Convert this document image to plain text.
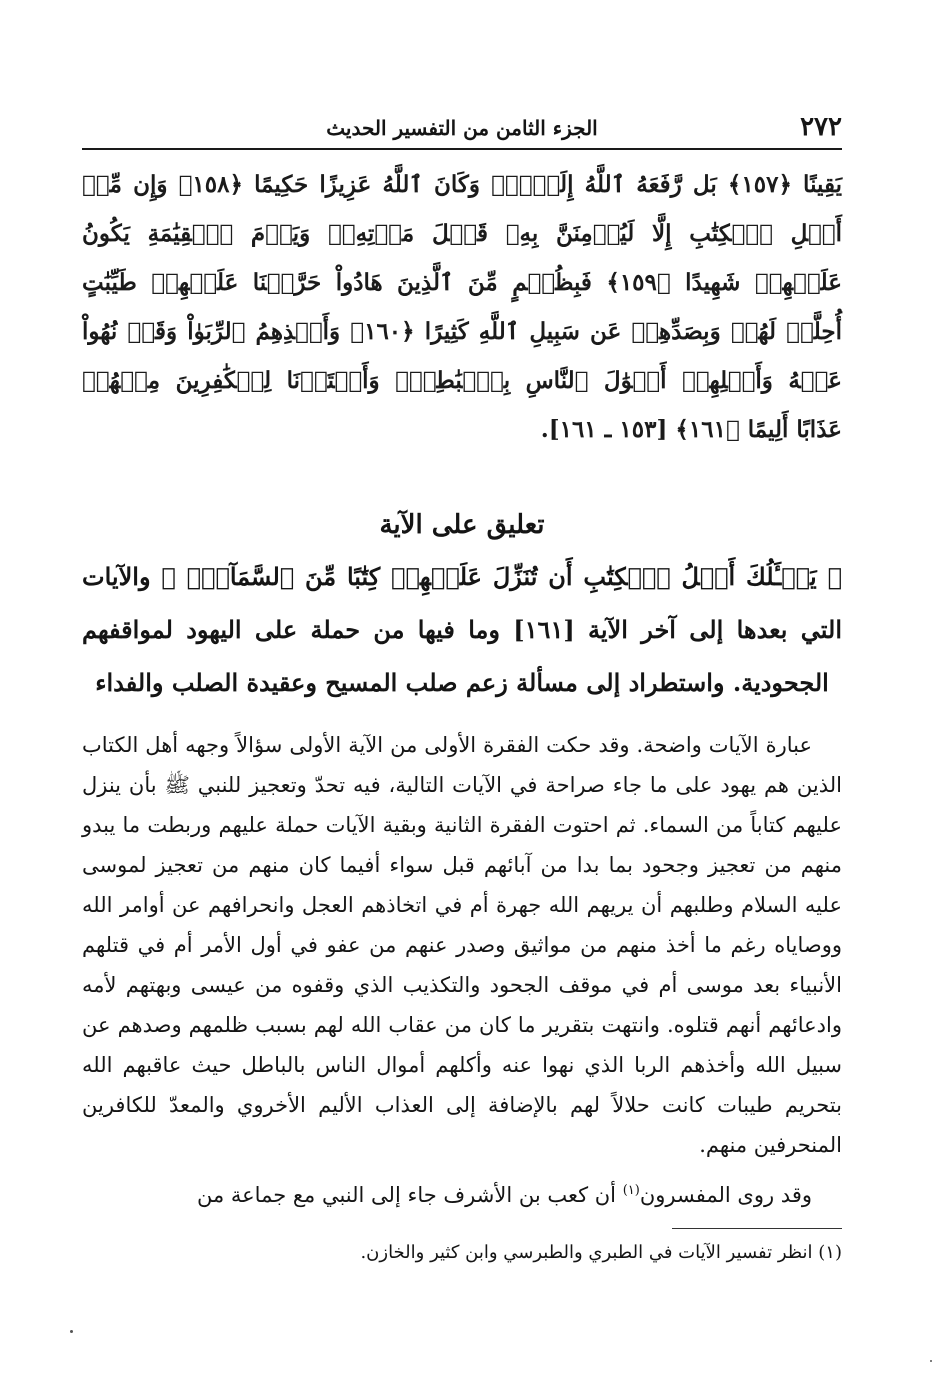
٢٧٢
الجزء الثامن من التفسير الحديث
يَقِينًا ﴿١٥٧﴾ بَل رَّفَعَهُ ٱللَّهُ إِلَيۡهِۚ وَكَانَ ٱللَّهُ عَزِيزًا حَكِيمًا ﴿١٥٨﴾ وَإِن مِّنۡ أَهۡلِ ٱلۡكِتَٰبِ إِلَّا لَيُؤۡمِنَنَّ بِهِۦ قَبۡلَ مَوۡتِهِۦۖ وَيَوۡمَ ٱلۡقِيَٰمَةِ يَكُونُ عَلَيۡهِمۡ شَهِيدًا ﴿١٥٩﴾ فَبِظُلۡمٍ مِّنَ ٱلَّذِينَ هَادُواْ حَرَّمۡنَا عَلَيۡهِمۡ طَيِّبَٰتٍ أُحِلَّتۡ لَهُمۡ وَبِصَدِّهِمۡ عَن سَبِيلِ ٱللَّهِ كَثِيرًا ﴿١٦٠﴾ وَأَخۡذِهِمُ ٱلرِّبَوٰاْ وَقَدۡ نُهُواْ عَنۡهُ وَأَكۡلِهِمۡ أَمۡوَٰلَ ٱلنَّاسِ بِٱلۡبَٰطِلِۚ وَأَعۡتَدۡنَا لِلۡكَٰفِرِينَ مِنۡهُمۡ عَذَابًا أَلِيمًا ﴿١٦١﴾ [١٥٣ ـ ١٦١].
تعليق على الآية
﴿ يَسۡـَٔلُكَ أَهۡلُ ٱلۡكِتَٰبِ أَن تُنَزِّلَ عَلَيۡهِمۡ كِتَٰبًا مِّنَ ٱلسَّمَآءِۚ ﴾ والآيات التي بعدها إلى آخر الآية [١٦١] وما فيها من حملة على اليهود لمواقفهم الجحودية. واستطراد إلى مسألة زعم صلب المسيح وعقيدة الصلب والفداء

عبارة الآيات واضحة. وقد حكت الفقرة الأولى من الآية الأولى سؤالاً وجهه أهل الكتاب الذين هم يهود على ما جاء صراحة في الآيات التالية، فيه تحدّ وتعجيز للنبي ﷺ بأن ينزل عليهم كتاباً من السماء. ثم احتوت الفقرة الثانية وبقية الآيات حملة عليهم وربطت ما يبدو منهم من تعجيز وجحود بما بدا من آبائهم قبل سواء أفيما كان منهم من تعجيز لموسى عليه السلام وطلبهم أن يريهم الله جهرة أم في اتخاذهم العجل وانحرافهم عن أوامر الله ووصاياه رغم ما أخذ منهم من مواثيق وصدر عنهم من عفو في أول الأمر أم في قتلهم الأنبياء بعد موسى أم في موقف الجحود والتكذيب الذي وقفوه من عيسى وبهتهم لأمه وادعائهم أنهم قتلوه. وانتهت بتقرير ما كان من عقاب الله لهم بسبب ظلمهم وصدهم عن سبيل الله وأخذهم الربا الذي نهوا عنه وأكلهم أموال الناس بالباطل حيث عاقبهم الله بتحريم طيبات كانت حلالاً لهم بالإضافة إلى العذاب الأليم الأخروي والمعدّ للكافرين المنحرفين منهم.

وقد روى المفسرون$^{(١)}$ أن كعب بن الأشرف جاء إلى النبي مع جماعة من

(١) انظر تفسير الآيات في الطبري والطبرسي وابن كثير والخازن.
